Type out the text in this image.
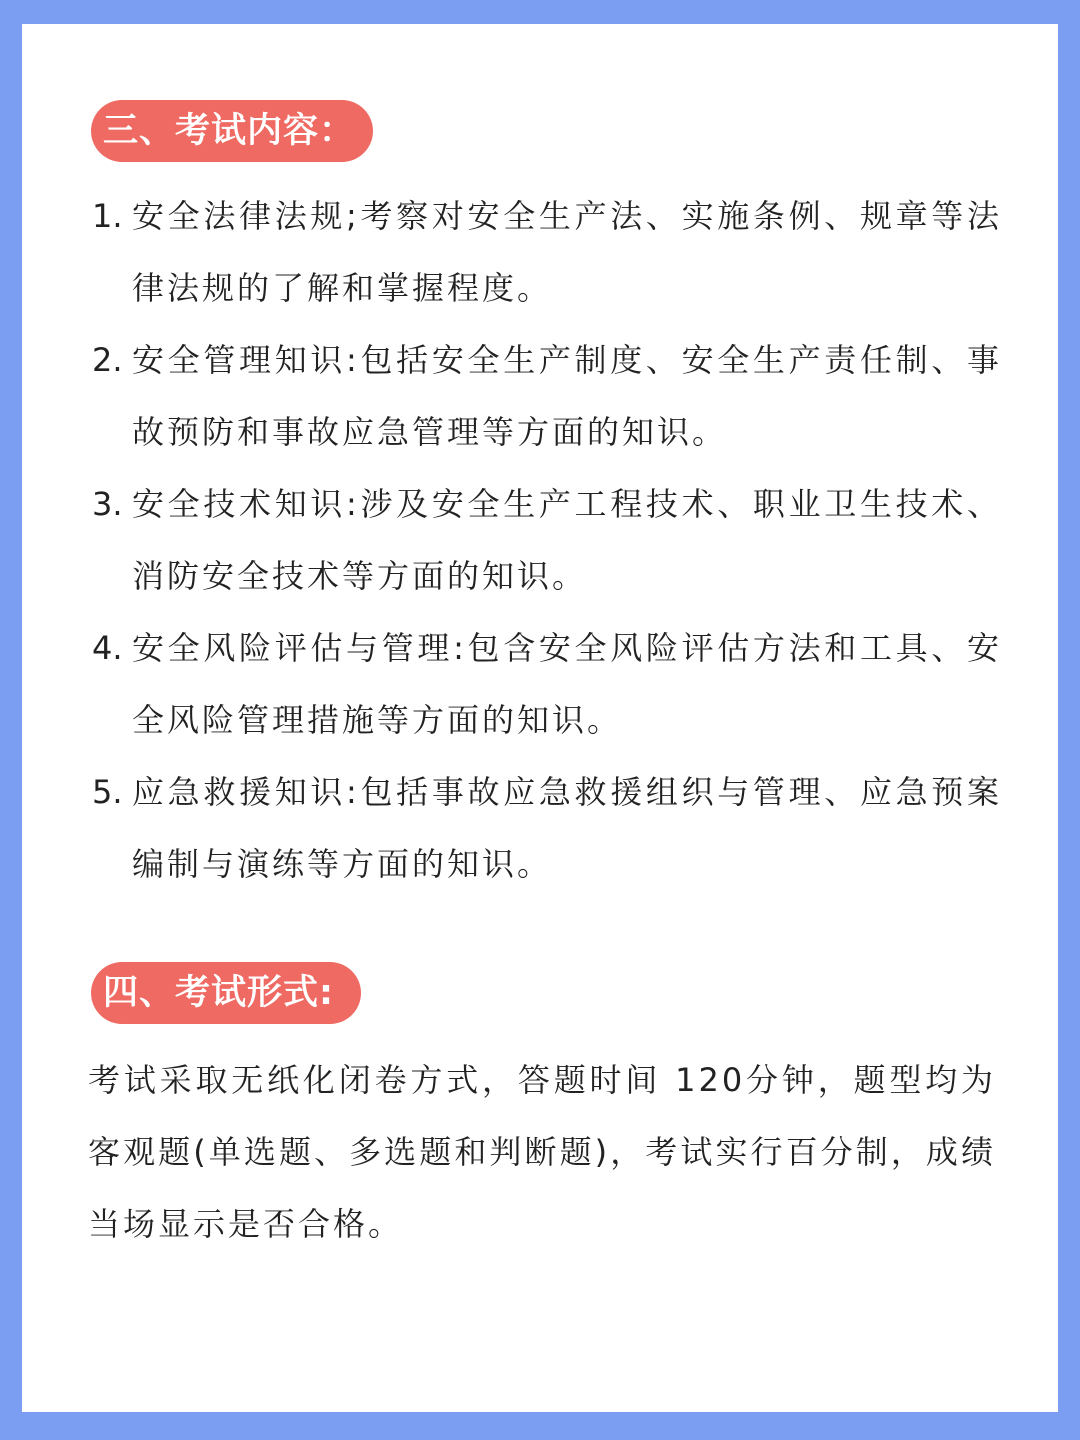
三、考试内容：
1. 安全法律法规;考察对安全生产法、实施条例、规章等法律法规的了解和掌握程度。
2. 安全管理知识:包括安全生产制度、安全生产责任制、事故预防和事故应急管理等方面的知识。
3. 安全技术知识:涉及安全生产工程技术、职业卫生技术、消防安全技术等方面的知识。
4. 安全风险评估与管理:包含安全风险评估方法和工具、安全风险管理措施等方面的知识。
5. 应急救援知识:包括事故应急救援组织与管理、应急预案编制与演练等方面的知识。
四、考试形式:

考试采取无纸化闭卷方式，答题时间 120分钟，题型均为客观题(单选题、多选题和判断题)，考试实行百分制，成绩当场显示是否合格。
